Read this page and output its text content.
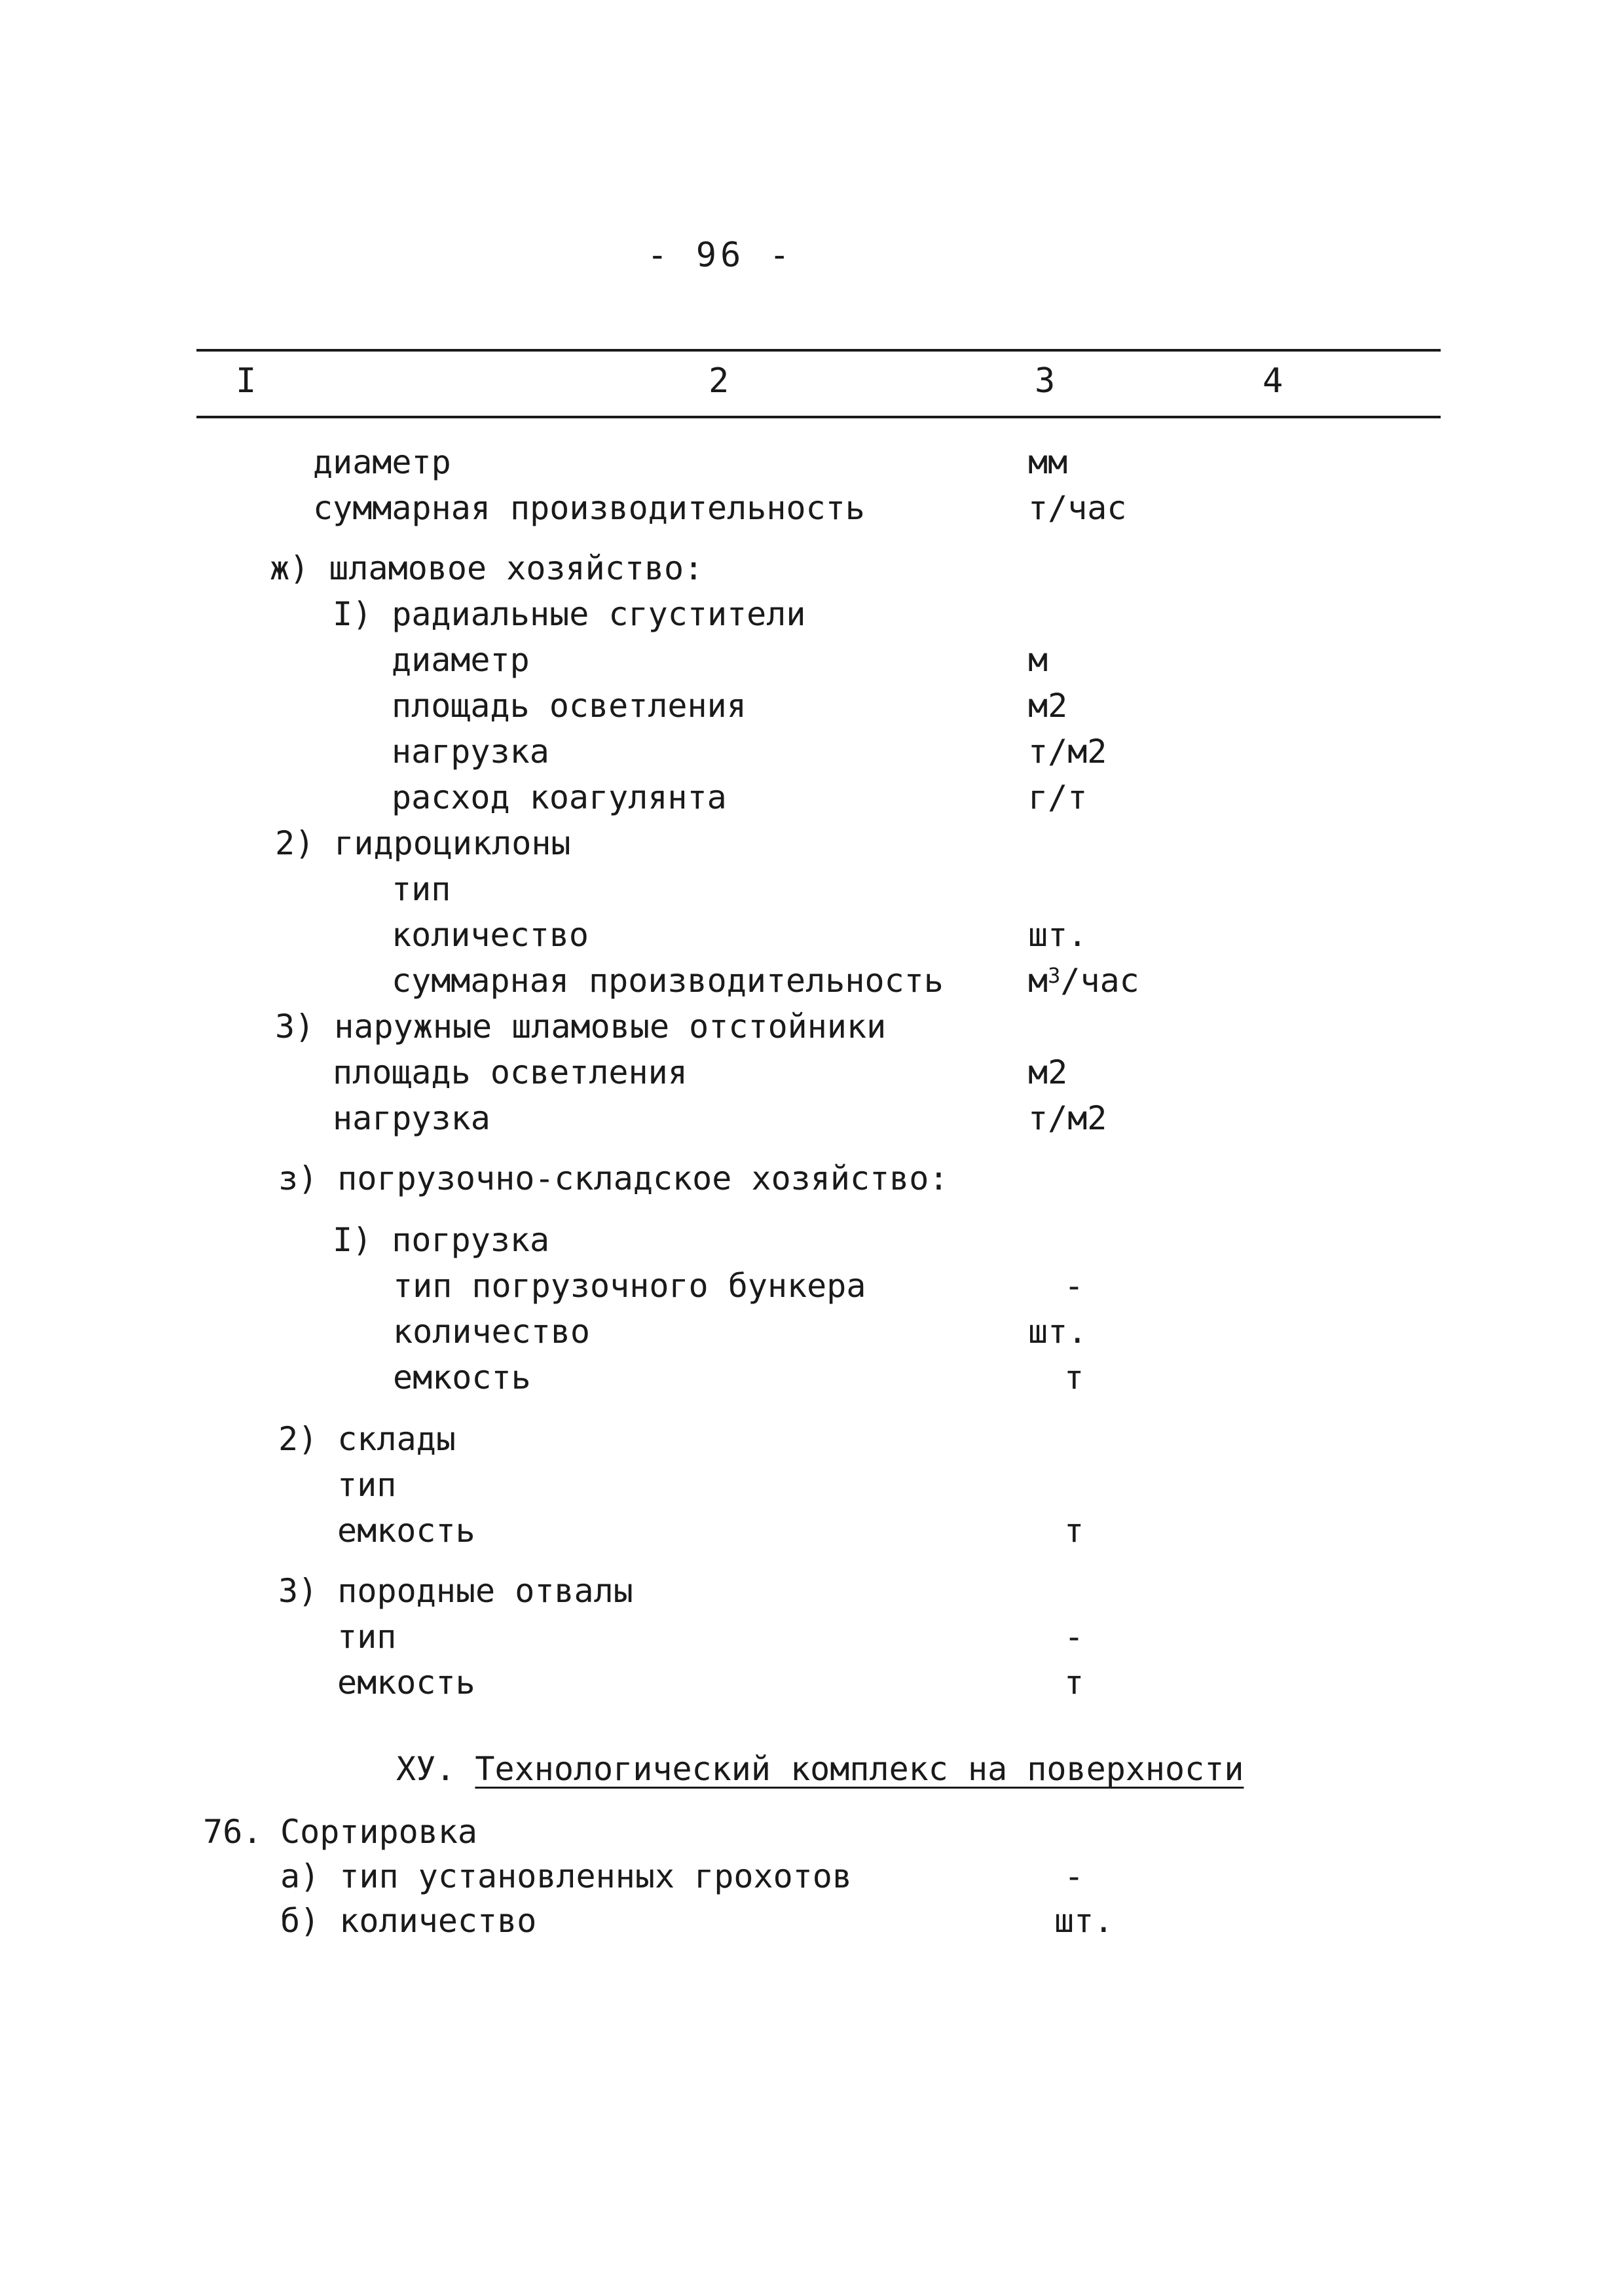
- 96 -
I	2	3	4
диаметр	мм
суммарная производительность	т/час
ж) шламовое хозяйство:
I) радиальные сгустители
диаметр	м
площадь осветления	м2
нагрузка	т/м2
расход коагулянта	г/т
2) гидроциклоны
тип
количество	шт.
суммарная производительность	$м^3$/час
3) наружные шламовые отстойники
площадь осветления	м2
нагрузка	т/м2
з) погрузочно-складское хозяйство:
I) погрузка
тип погрузочного бункера	-
количество	шт.
емкость	т
2) склады
тип
емкость	т
3) породные отвалы
тип	-
емкость	т
ХУ. Технологический комплекс на поверхности
76. Сортировка
а) тип установленных грохотов	-
б) количество	шт.
